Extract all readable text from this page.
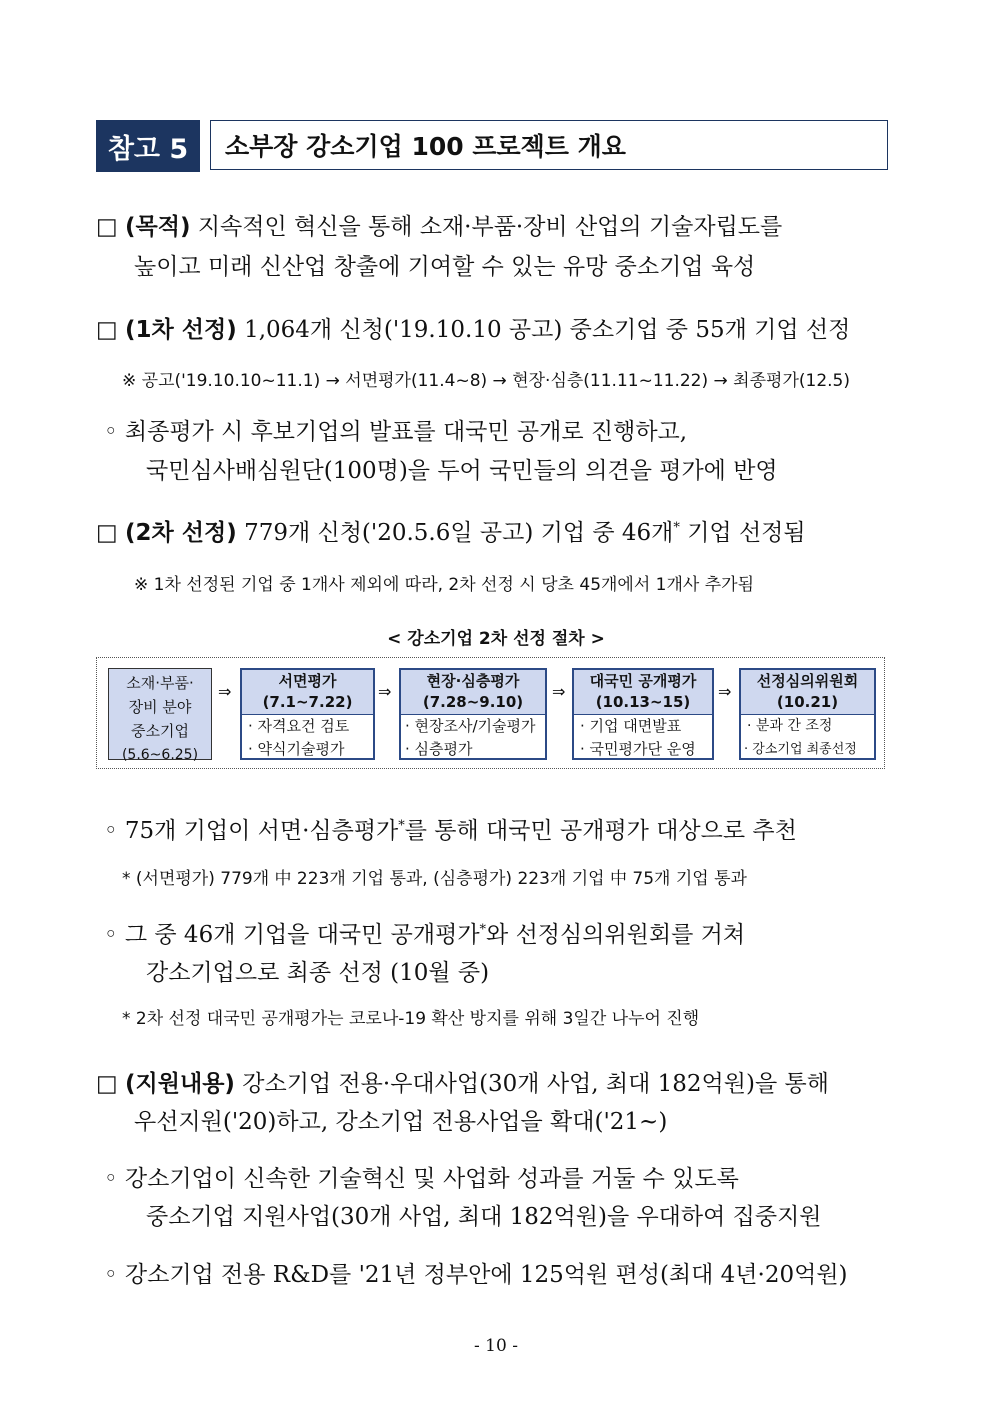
참고 5	소부장 강소기업 100 프로젝트 개요
□ (목적) 지속적인 혁신을 통해 소재·부품·장비 산업의 기술자립도를
높이고 미래 신산업 창출에 기여할 수 있는 유망 중소기업 육성
□ (1차 선정) 1,064개 신청('19.10.10 공고) 중소기업 중 55개 기업 선정
※ 공고('19.10.10~11.1) → 서면평가(11.4~8) → 현장·심층(11.11~11.22) → 최종평가(12.5)
◦ 최종평가 시 후보기업의 발표를 대국민 공개로 진행하고,
국민심사배심원단(100명)을 두어 국민들의 의견을 평가에 반영
□ (2차 선정) 779개 신청('20.5.6일 공고) 기업 중 46개* 기업 선정됨
※ 1차 선정된 기업 중 1개사 제외에 따라, 2차 선정 시 당초 45개에서 1개사 추가됨
< 강소기업 2차 선정 절차 >
소재·부품·
장비 분야
중소기업
(5.6~6.25)
⇒
서면평가
(7.1~7.22)
· 자격요건 검토
· 약식기술평가
⇒
현장·심층평가
(7.28~9.10)
· 현장조사/기술평가
· 심층평가
⇒
대국민 공개평가
(10.13~15)
· 기업 대면발표
· 국민평가단 운영
⇒
선정심의위원회
(10.21)
· 분과 간 조정
· 강소기업 최종선정
◦ 75개 기업이 서면·심층평가*를 통해 대국민 공개평가 대상으로 추천
* (서면평가) 779개 中 223개 기업 통과, (심층평가) 223개 기업 中 75개 기업 통과
◦ 그 중 46개 기업을 대국민 공개평가*와 선정심의위원회를 거쳐
강소기업으로 최종 선정 (10월 중)
* 2차 선정 대국민 공개평가는 코로나-19 확산 방지를 위해 3일간 나누어 진행
□ (지원내용) 강소기업 전용·우대사업(30개 사업, 최대 182억원)을 통해
우선지원('20)하고, 강소기업 전용사업을 확대('21~)
◦ 강소기업이 신속한 기술혁신 및 사업화 성과를 거둘 수 있도록
중소기업 지원사업(30개 사업, 최대 182억원)을 우대하여 집중지원
◦ 강소기업 전용 R&D를 '21년 정부안에 125억원 편성(최대 4년·20억원)
- 10 -
